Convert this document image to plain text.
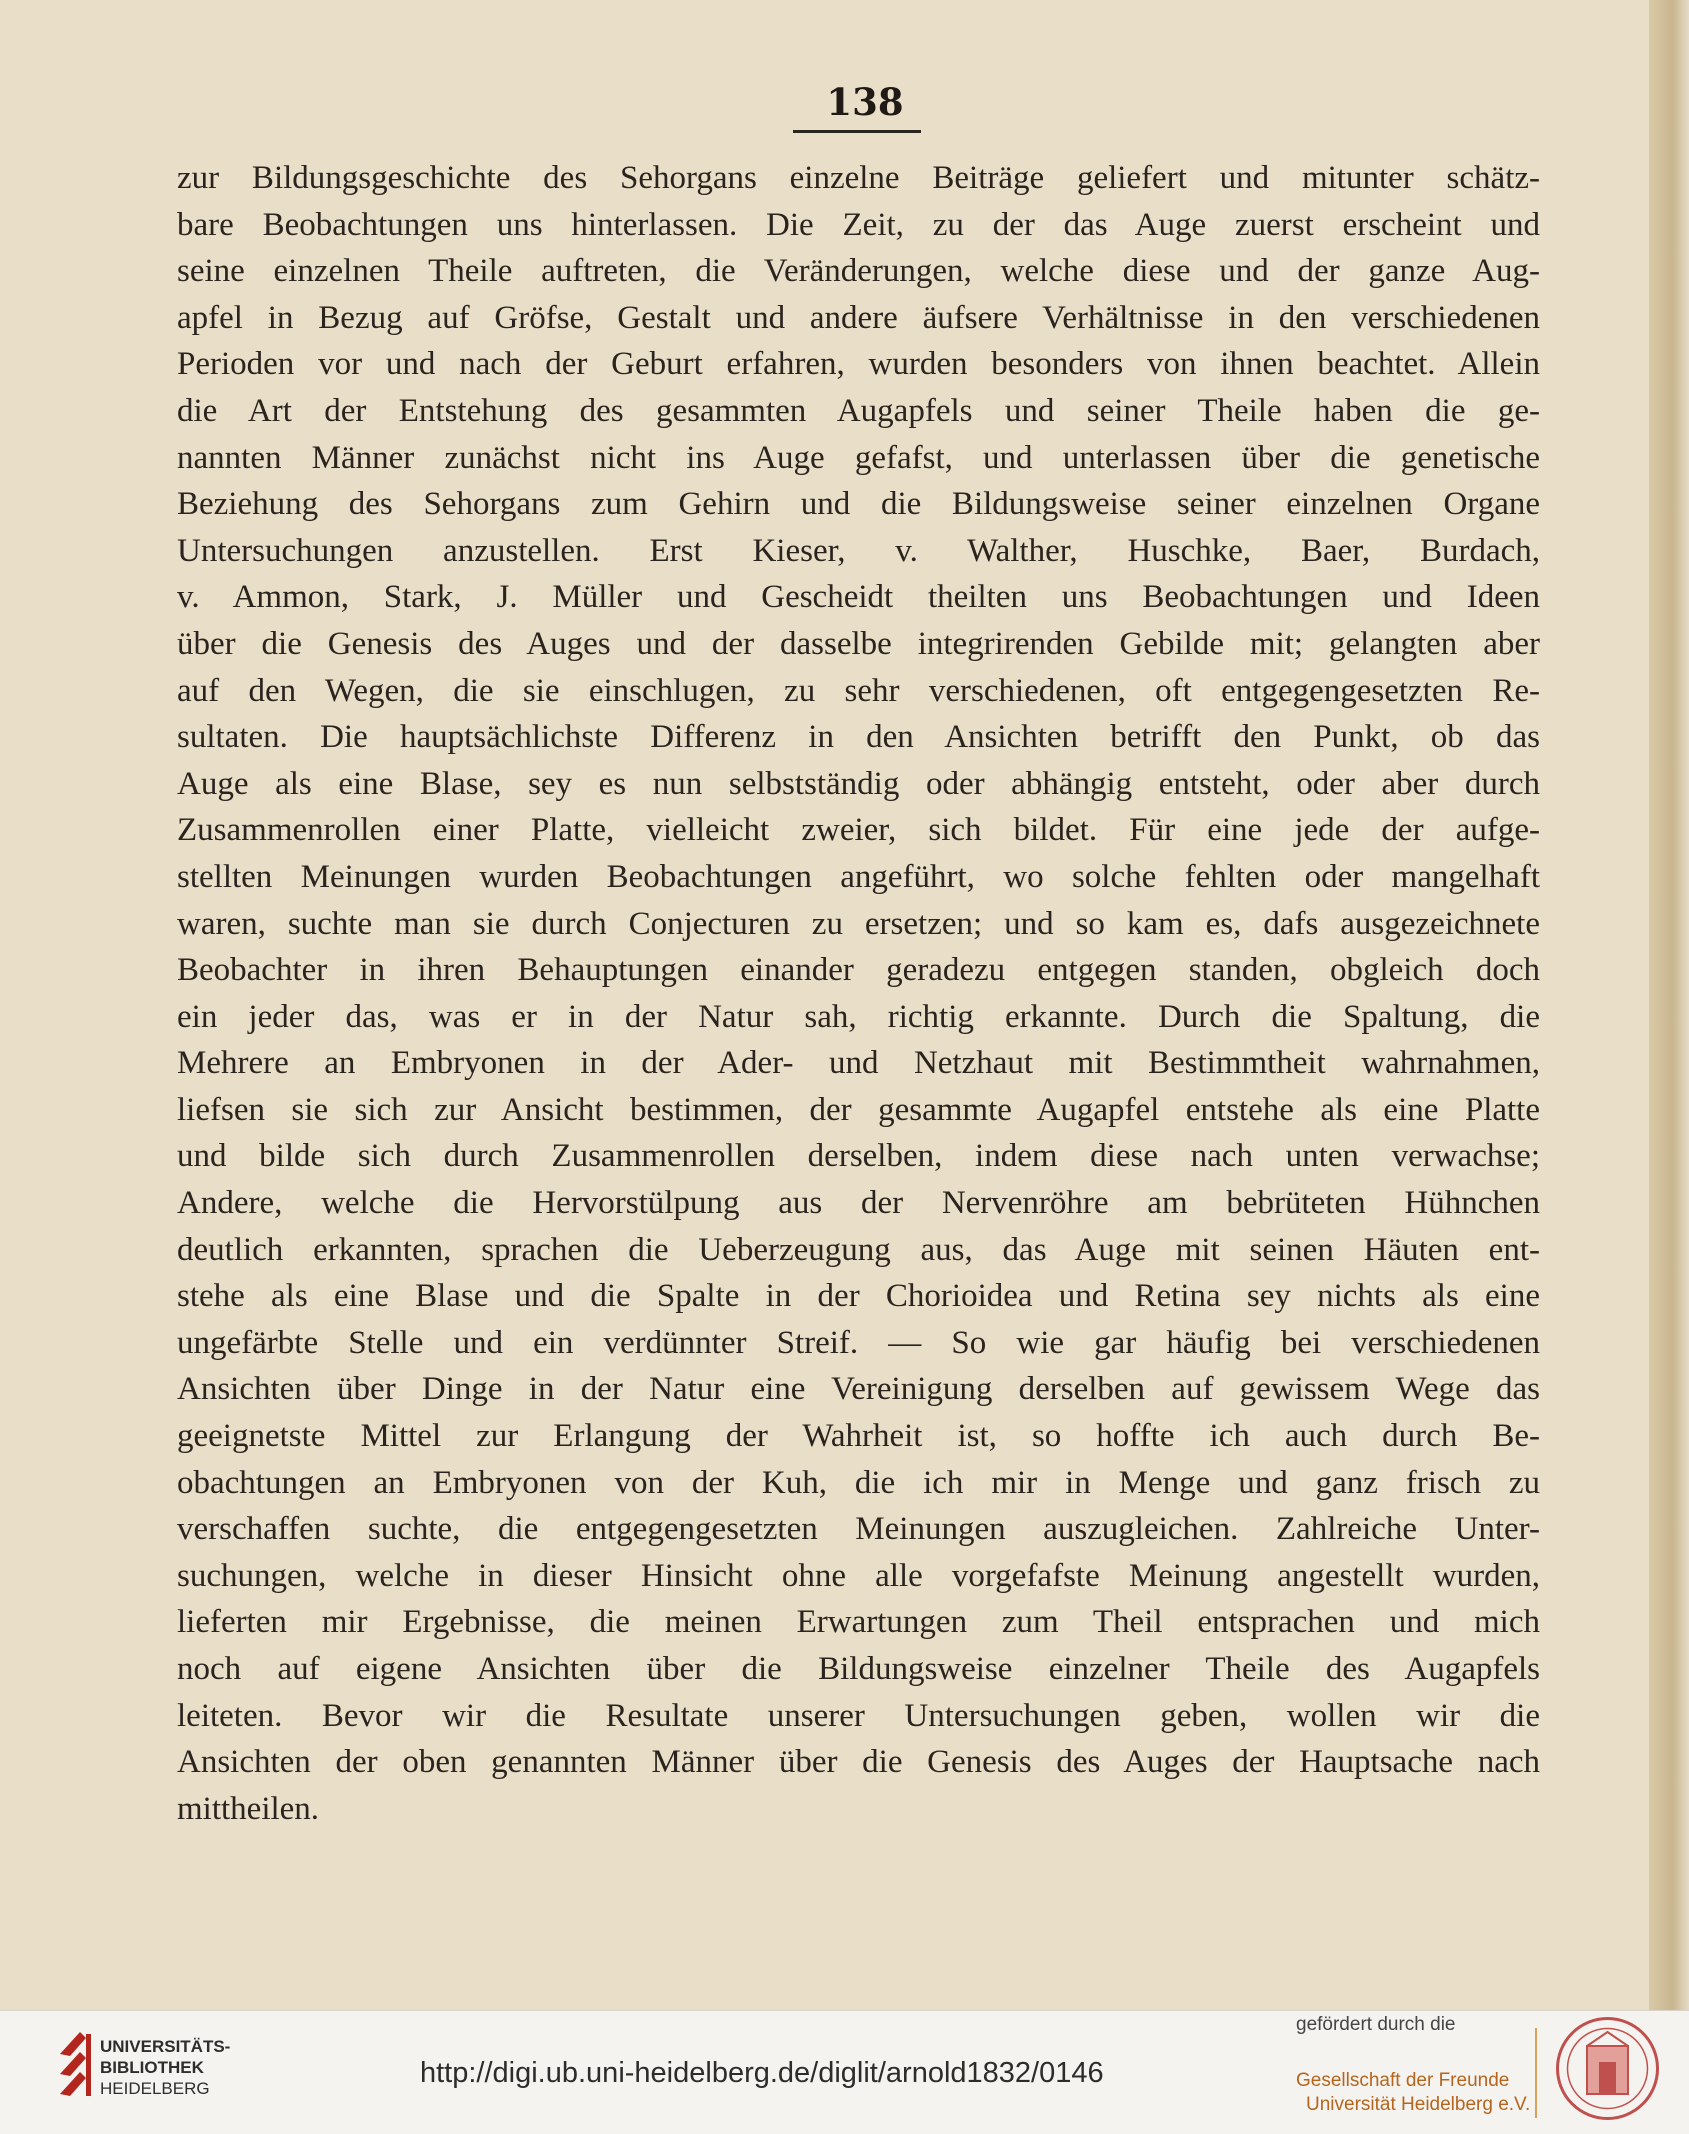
138
zur Bildungsgeschichte des Sehorgans einzelne Beiträge geliefert und mitunter schätz-
bare Beobachtungen uns hinterlassen. Die Zeit, zu der das Auge zuerst erscheint und
seine einzelnen Theile auftreten, die Veränderungen, welche diese und der ganze Aug-
apfel in Bezug auf Gröfse, Gestalt und andere äufsere Verhältnisse in den verschiedenen
Perioden vor und nach der Geburt erfahren, wurden besonders von ihnen beachtet. Allein
die Art der Entstehung des gesammten Augapfels und seiner Theile haben die ge-
nannten Männer zunächst nicht ins Auge gefafst, und unterlassen über die genetische
Beziehung des Sehorgans zum Gehirn und die Bildungsweise seiner einzelnen Organe
Untersuchungen anzustellen. Erst Kieser, v. Walther, Huschke, Baer, Burdach,
v. Ammon, Stark, J. Müller und Gescheidt theilten uns Beobachtungen und Ideen
über die Genesis des Auges und der dasselbe integrirenden Gebilde mit; gelangten aber
auf den Wegen, die sie einschlugen, zu sehr verschiedenen, oft entgegengesetzten Re-
sultaten. Die hauptsächlichste Differenz in den Ansichten betrifft den Punkt, ob das
Auge als eine Blase, sey es nun selbstständig oder abhängig entsteht, oder aber durch
Zusammenrollen einer Platte, vielleicht zweier, sich bildet. Für eine jede der aufge-
stellten Meinungen wurden Beobachtungen angeführt, wo solche fehlten oder mangelhaft
waren, suchte man sie durch Conjecturen zu ersetzen; und so kam es, dafs ausgezeichnete
Beobachter in ihren Behauptungen einander geradezu entgegen standen, obgleich doch
ein jeder das, was er in der Natur sah, richtig erkannte. Durch die Spaltung, die
Mehrere an Embryonen in der Ader- und Netzhaut mit Bestimmtheit wahrnahmen,
liefsen sie sich zur Ansicht bestimmen, der gesammte Augapfel entstehe als eine Platte
und bilde sich durch Zusammenrollen derselben, indem diese nach unten verwachse;
Andere, welche die Hervorstülpung aus der Nervenröhre am bebrüteten Hühnchen
deutlich erkannten, sprachen die Ueberzeugung aus, das Auge mit seinen Häuten ent-
stehe als eine Blase und die Spalte in der Chorioidea und Retina sey nichts als eine
ungefärbte Stelle und ein verdünnter Streif. — So wie gar häufig bei verschiedenen
Ansichten über Dinge in der Natur eine Vereinigung derselben auf gewissem Wege das
geeignetste Mittel zur Erlangung der Wahrheit ist, so hoffte ich auch durch Be-
obachtungen an Embryonen von der Kuh, die ich mir in Menge und ganz frisch zu
verschaffen suchte, die entgegengesetzten Meinungen auszugleichen. Zahlreiche Unter-
suchungen, welche in dieser Hinsicht ohne alle vorgefafste Meinung angestellt wurden,
lieferten mir Ergebnisse, die meinen Erwartungen zum Theil entsprachen und mich
noch auf eigene Ansichten über die Bildungsweise einzelner Theile des Augapfels
leiteten. Bevor wir die Resultate unserer Untersuchungen geben, wollen wir die
Ansichten der oben genannten Männer über die Genesis des Auges der Hauptsache nach
mittheilen.
UNIVERSITÄTS-
BIBLIOTHEK
HEIDELBERG	http://digi.ub.uni-heidelberg.de/diglit/arnold1832/0146
gefördert durch die
Gesellschaft der Freunde
Universität Heidelberg e.V.
